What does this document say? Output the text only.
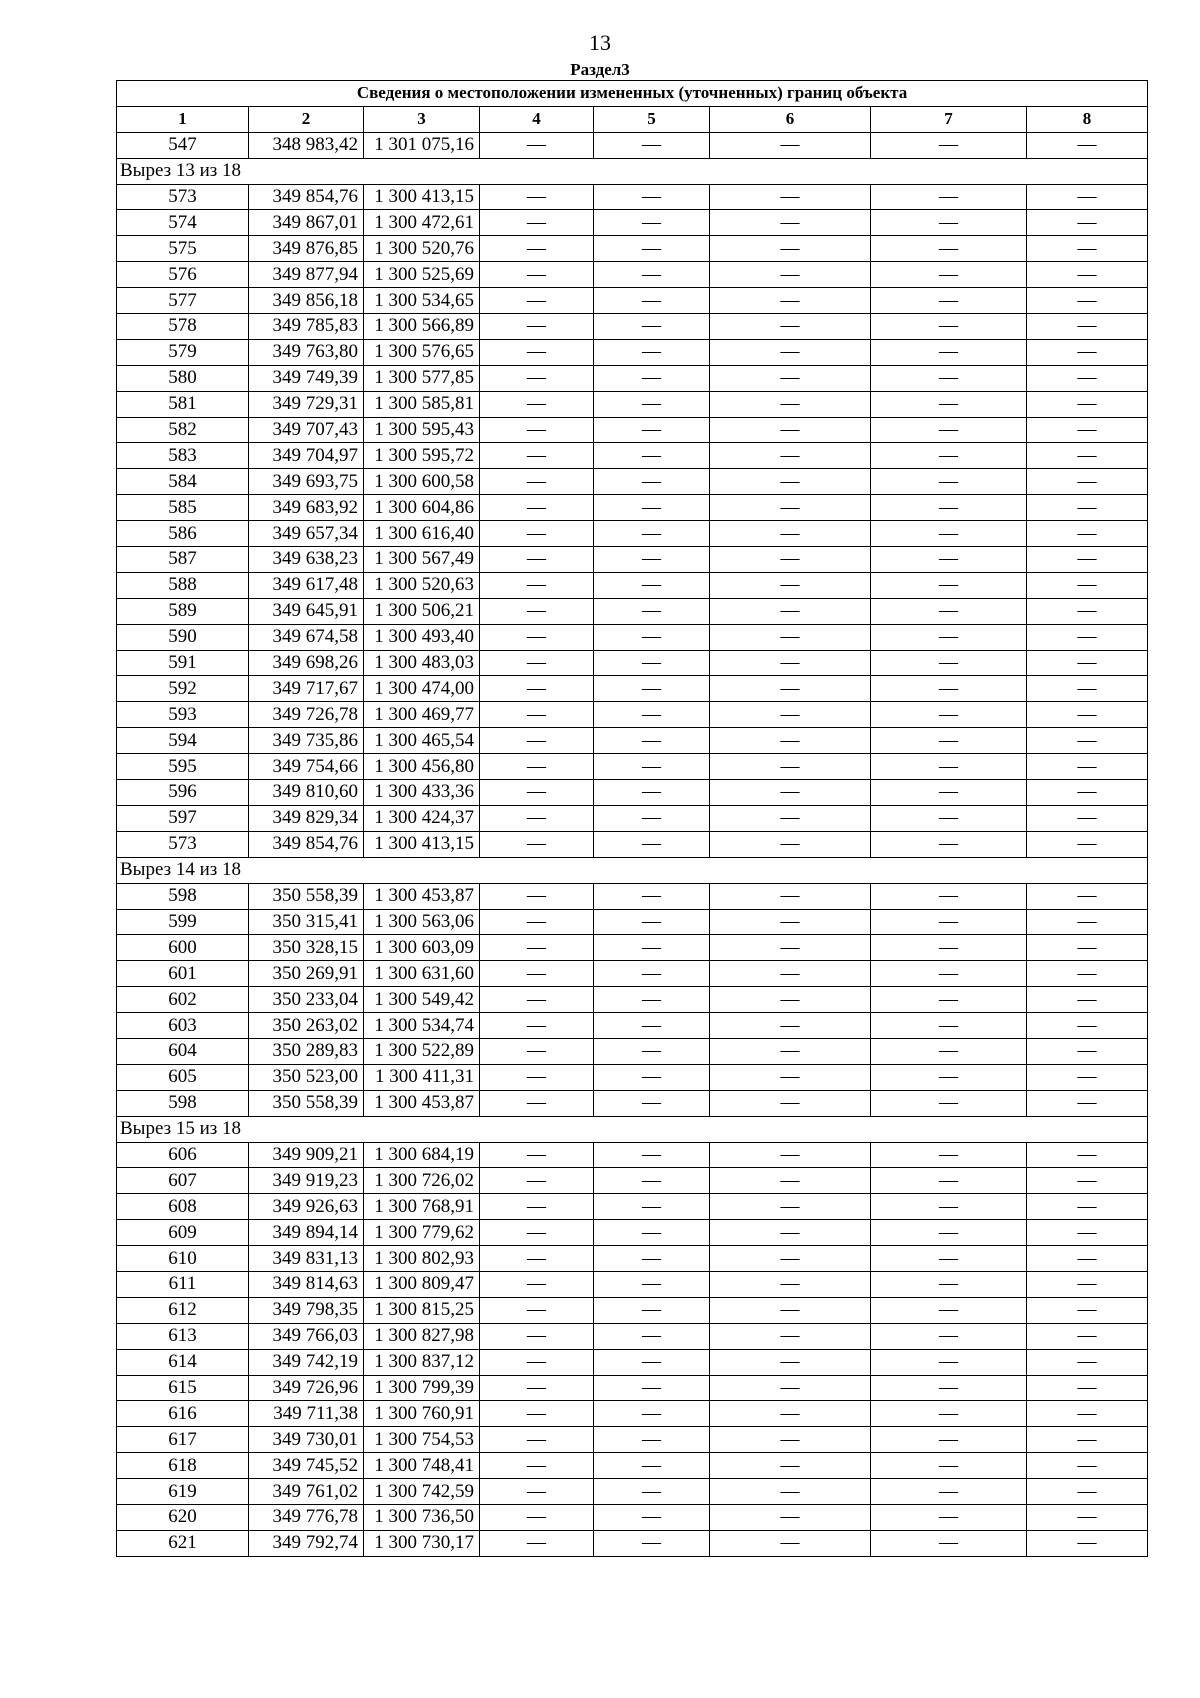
13
Раздел3
Сведения о местоположении измененных (уточненных) границ объекта							
1	2	3	4	5	6	7	8
547	348 983,42	1 301 075,16	—	—	—	—	—
Вырез 13 из 18							
573	349 854,76	1 300 413,15	—	—	—	—	—
574	349 867,01	1 300 472,61	—	—	—	—	—
575	349 876,85	1 300 520,76	—	—	—	—	—
576	349 877,94	1 300 525,69	—	—	—	—	—
577	349 856,18	1 300 534,65	—	—	—	—	—
578	349 785,83	1 300 566,89	—	—	—	—	—
579	349 763,80	1 300 576,65	—	—	—	—	—
580	349 749,39	1 300 577,85	—	—	—	—	—
581	349 729,31	1 300 585,81	—	—	—	—	—
582	349 707,43	1 300 595,43	—	—	—	—	—
583	349 704,97	1 300 595,72	—	—	—	—	—
584	349 693,75	1 300 600,58	—	—	—	—	—
585	349 683,92	1 300 604,86	—	—	—	—	—
586	349 657,34	1 300 616,40	—	—	—	—	—
587	349 638,23	1 300 567,49	—	—	—	—	—
588	349 617,48	1 300 520,63	—	—	—	—	—
589	349 645,91	1 300 506,21	—	—	—	—	—
590	349 674,58	1 300 493,40	—	—	—	—	—
591	349 698,26	1 300 483,03	—	—	—	—	—
592	349 717,67	1 300 474,00	—	—	—	—	—
593	349 726,78	1 300 469,77	—	—	—	—	—
594	349 735,86	1 300 465,54	—	—	—	—	—
595	349 754,66	1 300 456,80	—	—	—	—	—
596	349 810,60	1 300 433,36	—	—	—	—	—
597	349 829,34	1 300 424,37	—	—	—	—	—
573	349 854,76	1 300 413,15	—	—	—	—	—
Вырез 14 из 18							
598	350 558,39	1 300 453,87	—	—	—	—	—
599	350 315,41	1 300 563,06	—	—	—	—	—
600	350 328,15	1 300 603,09	—	—	—	—	—
601	350 269,91	1 300 631,60	—	—	—	—	—
602	350 233,04	1 300 549,42	—	—	—	—	—
603	350 263,02	1 300 534,74	—	—	—	—	—
604	350 289,83	1 300 522,89	—	—	—	—	—
605	350 523,00	1 300 411,31	—	—	—	—	—
598	350 558,39	1 300 453,87	—	—	—	—	—
Вырез 15 из 18							
606	349 909,21	1 300 684,19	—	—	—	—	—
607	349 919,23	1 300 726,02	—	—	—	—	—
608	349 926,63	1 300 768,91	—	—	—	—	—
609	349 894,14	1 300 779,62	—	—	—	—	—
610	349 831,13	1 300 802,93	—	—	—	—	—
611	349 814,63	1 300 809,47	—	—	—	—	—
612	349 798,35	1 300 815,25	—	—	—	—	—
613	349 766,03	1 300 827,98	—	—	—	—	—
614	349 742,19	1 300 837,12	—	—	—	—	—
615	349 726,96	1 300 799,39	—	—	—	—	—
616	349 711,38	1 300 760,91	—	—	—	—	—
617	349 730,01	1 300 754,53	—	—	—	—	—
618	349 745,52	1 300 748,41	—	—	—	—	—
619	349 761,02	1 300 742,59	—	—	—	—	—
620	349 776,78	1 300 736,50	—	—	—	—	—
621	349 792,74	1 300 730,17	—	—	—	—	—
